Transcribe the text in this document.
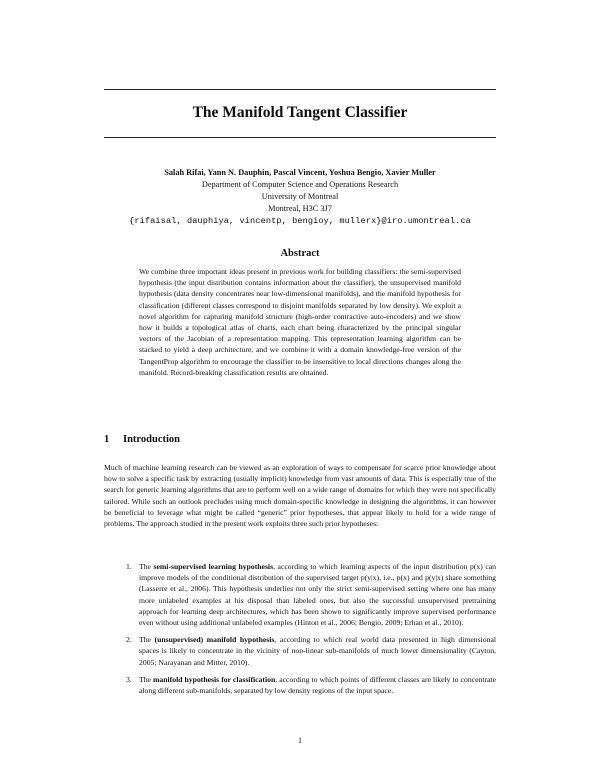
The Manifold Tangent Classifier
Salah Rifai, Yann N. Dauphin, Pascal Vincent, Yoshua Bengio, Xavier Muller
Department of Computer Science and Operations Research
University of Montreal
Montreal, H3C 3J7
{rifaisal, dauphiya, vincentp, bengioy, mullerx}@iro.umontreal.ca
Abstract
We combine three important ideas present in previous work for building classifiers: the semi-supervised hypothesis (the input distribution contains information about the classifier), the unsupervised manifold hypothesis (data density concentrates near low-dimensional manifolds), and the manifold hypothesis for classification (different classes correspond to disjoint manifolds separated by low density). We exploit a novel algorithm for capturing manifold structure (high-order contractive auto-encoders) and we show how it builds a topological atlas of charts, each chart being characterized by the principal singular vectors of the Jacobian of a representation mapping. This representation learning algorithm can be stacked to yield a deep architecture, and we combine it with a domain knowledge-free version of the TangentProp algorithm to encourage the classifier to be insensitive to local directions changes along the manifold. Record-breaking classification results are obtained.
1 Introduction
Much of machine learning research can be viewed as an exploration of ways to compensate for scarce prior knowledge about how to solve a specific task by extracting (usually implicit) knowledge from vast amounts of data. This is especially true of the search for generic learning algorithms that are to perform well on a wide range of domains for which they were not specifically tailored. While such an outlook precludes using much domain-specific knowledge in designing the algorithms, it can however be beneficial to leverage what might be called “generic” prior hypotheses, that appear likely to hold for a wide range of problems. The approach studied in the present work exploits three such prior hypotheses:
1. The semi-supervised learning hypothesis, according to which learning aspects of the input distribution p(x) can improve models of the conditional distribution of the supervised target p(y|x), i.e., p(x) and p(y|x) share something (Lasserre et al., 2006). This hypothesis underlies not only the strict semi-supervised setting where one has many more unlabeled examples at his disposal than labeled ones, but also the successful unsupervised pretraining approach for learning deep architectures, which has been shown to significantly improve supervised performance even without using additional unlabeled examples (Hinton et al., 2006; Bengio, 2009; Erhan et al., 2010).
2. The (unsupervised) manifold hypothesis, according to which real world data presented in high dimensional spaces is likely to concentrate in the vicinity of non-linear sub-manifolds of much lower dimensionality (Cayton, 2005; Narayanan and Mitter, 2010).
3. The manifold hypothesis for classification, according to which points of different classes are likely to concentrate along different sub-manifolds, separated by low density regions of the input space.
1
